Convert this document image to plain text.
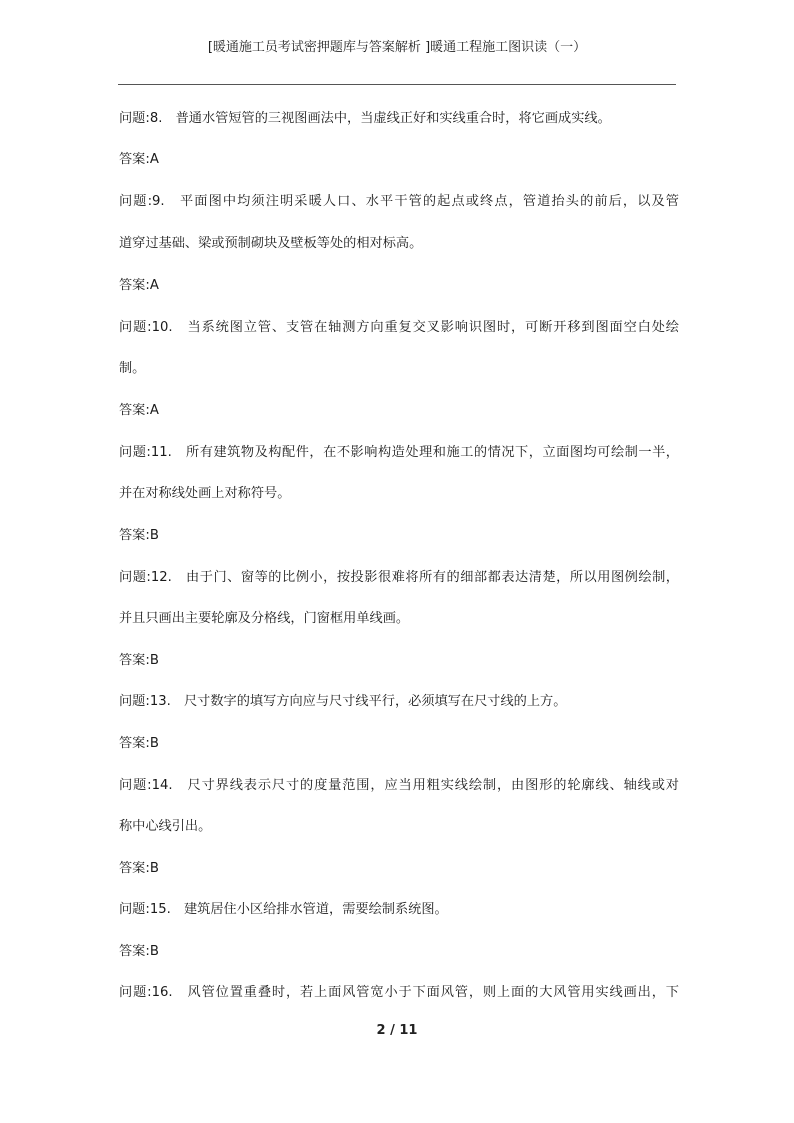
[暖通施工员考试密押题库与答案解析 ]暖通工程施工图识读（一）
问题:8.　普通水管短管的三视图画法中，当虚线正好和实线重合时，将它画成实线。
答案:A
问题:9.　平面图中均须注明采暖人口、水平干管的起点或终点，管道抬头的前后，以及管
道穿过基础、梁或预制砌块及壁板等处的相对标高。
答案:A
问题:10.　当系统图立管、支管在轴测方向重复交叉影响识图时，可断开移到图面空白处绘
制。
答案:A
问题:11.　所有建筑物及构配件，在不影响构造处理和施工的情况下，立面图均可绘制一半，
并在对称线处画上对称符号。
答案:B
问题:12.　由于门、窗等的比例小，按投影很难将所有的细部都表达清楚，所以用图例绘制，
并且只画出主要轮廓及分格线，门窗框用单线画。
答案:B
问题:13.　尺寸数字的填写方向应与尺寸线平行，必须填写在尺寸线的上方。
答案:B
问题:14.　尺寸界线表示尺寸的度量范围，应当用粗实线绘制，由图形的轮廓线、轴线或对
称中心线引出。
答案:B
问题:15.　建筑居住小区给排水管道，需要绘制系统图。
答案:B
问题:16.　风管位置重叠时，若上面风管宽小于下面风管，则上面的大风管用实线画出，下
2 / 11
